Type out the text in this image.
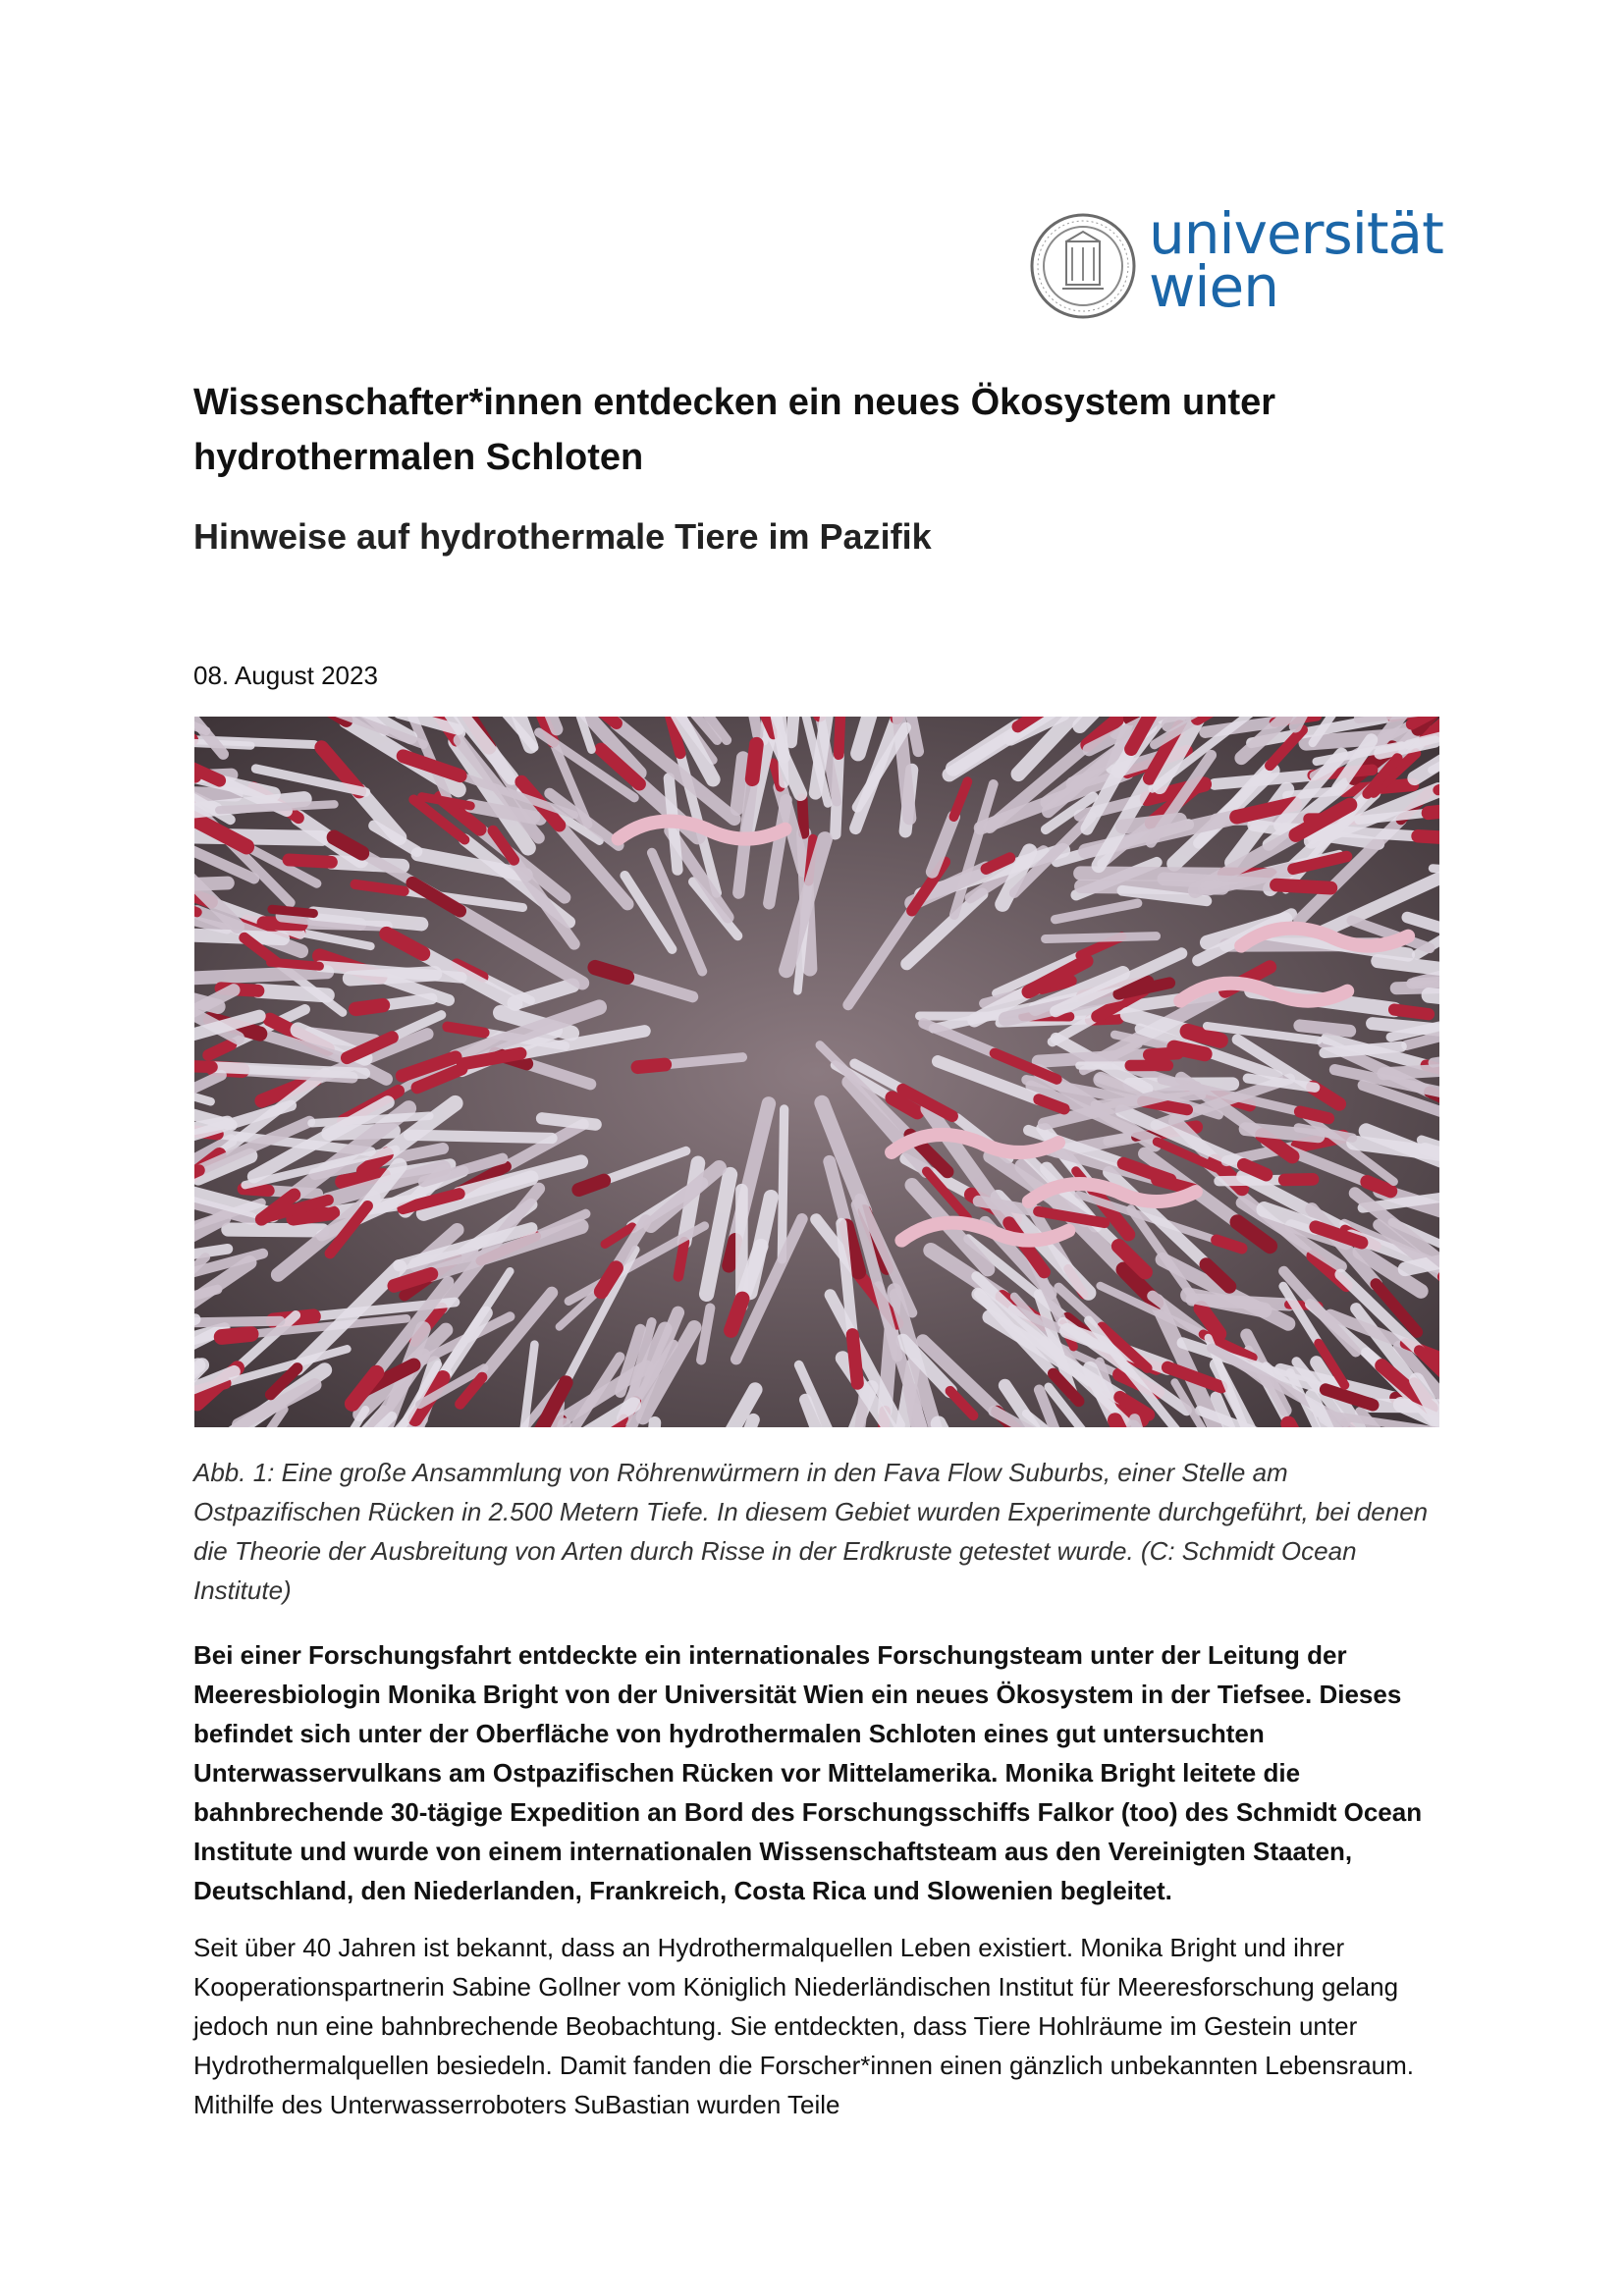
universität
wien
Wissenschafter*innen entdecken ein neues Ökosystem unter hydrothermalen Schloten
Hinweise auf hydrothermale Tiere im Pazifik

08. August 2023

Abb. 1: Eine große Ansammlung von Röhrenwürmern in den Fava Flow Suburbs, einer Stelle am Ostpazifischen Rücken in 2.500 Metern Tiefe. In diesem Gebiet wurden Experimente durchgeführt, bei denen die Theorie der Ausbreitung von Arten durch Risse in der Erdkruste getestet wurde. (C: Schmidt Ocean Institute)

Bei einer Forschungsfahrt entdeckte ein internationales Forschungsteam unter der Leitung der Meeresbiologin Monika Bright von der Universität Wien ein neues Ökosystem in der Tiefsee. Dieses befindet sich unter der Oberfläche von hydrothermalen Schloten eines gut untersuchten Unterwasservulkans am Ostpazifischen Rücken vor Mittelamerika. Monika Bright leitete die bahnbrechende 30-tägige Expedition an Bord des Forschungsschiffs Falkor (too) des Schmidt Ocean Institute und wurde von einem internationalen Wissenschaftsteam aus den Vereinigten Staaten, Deutschland, den Niederlanden, Frankreich, Costa Rica und Slowenien begleitet.

Seit über 40 Jahren ist bekannt, dass an Hydrothermalquellen Leben existiert. Monika Bright und ihrer Kooperationspartnerin Sabine Gollner vom Königlich Niederländischen Institut für Meeresforschung gelang jedoch nun eine bahnbrechende Beobachtung. Sie entdeckten, dass Tiere Hohlräume im Gestein unter Hydrothermalquellen besiedeln. Damit fanden die Forscher*innen einen gänzlich unbekannten Lebensraum. Mithilfe des Unterwasserroboters SuBastian wurden Teile
